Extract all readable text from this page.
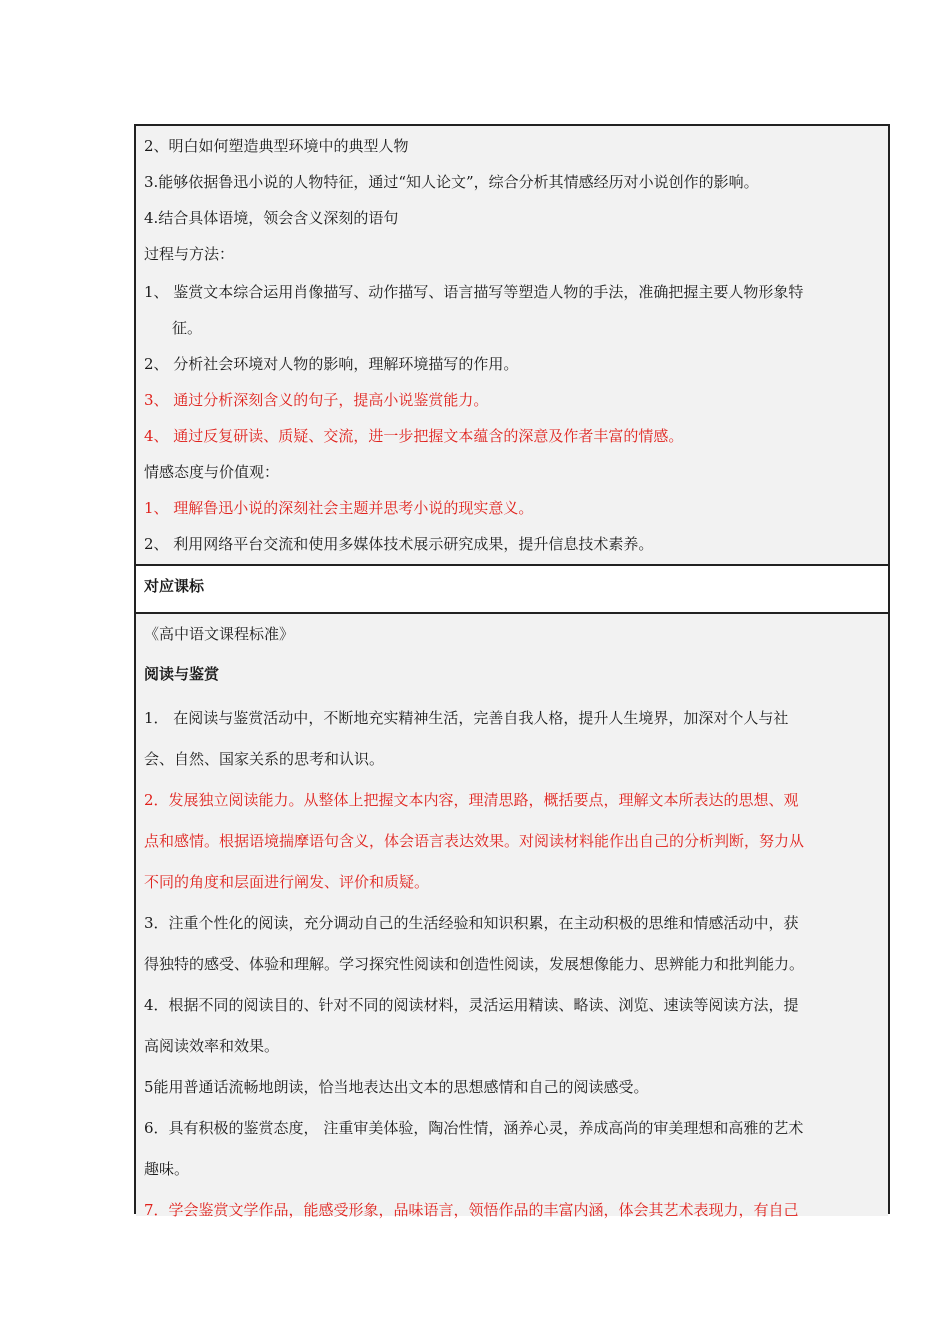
2、明白如何塑造典型环境中的典型人物

3.能够依据鲁迅小说的人物特征，通过“知人论文”，综合分析其情感经历对小说创作的影响。

4.结合具体语境，领会含义深刻的语句

过程与方法：

1、 鉴赏文本综合运用肖像描写、动作描写、语言描写等塑造人物的手法，准确把握主要人物形象特

征。

2、 分析社会环境对人物的影响，理解环境描写的作用。

3、 通过分析深刻含义的句子，提高小说鉴赏能力。

4、 通过反复研读、质疑、交流，进一步把握文本蕴含的深意及作者丰富的情感。

情感态度与价值观：

1、 理解鲁迅小说的深刻社会主题并思考小说的现实意义。

2、 利用网络平台交流和使用多媒体技术展示研究成果，提升信息技术素养。

对应课标

《高中语文课程标准》

阅读与鉴赏

1． 在阅读与鉴赏活动中，不断地充实精神生活，完善自我人格，提升人生境界，加深对个人与社

会、自然、国家关系的思考和认识。

2．发展独立阅读能力。从整体上把握文本内容，理清思路，概括要点，理解文本所表达的思想、观

点和感情。根据语境揣摩语句含义，体会语言表达效果。对阅读材料能作出自己的分析判断，努力从

不同的角度和层面进行阐发、评价和质疑。

3．注重个性化的阅读，充分调动自己的生活经验和知识积累，在主动积极的思维和情感活动中，获

得独特的感受、体验和理解。学习探究性阅读和创造性阅读，发展想像能力、思辨能力和批判能力。

4．根据不同的阅读目的、针对不同的阅读材料，灵活运用精读、略读、浏览、速读等阅读方法，提

高阅读效率和效果。

5能用普通话流畅地朗读，恰当地表达出文本的思想感情和自己的阅读感受。

6．具有积极的鉴赏态度， 注重审美体验，陶冶性情，涵养心灵，养成高尚的审美理想和高雅的艺术

趣味。

7．学会鉴赏文学作品，能感受形象，品味语言，领悟作品的丰富内涵，体会其艺术表现力，有自己
